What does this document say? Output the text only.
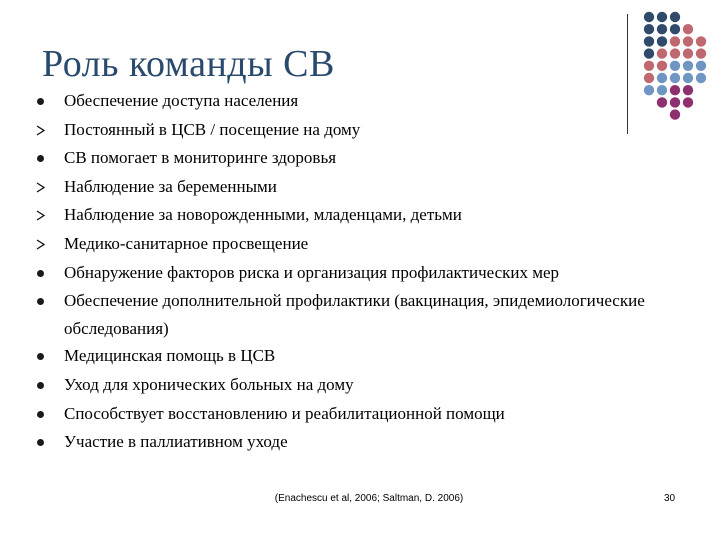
Роль команды СВ
Обеспечение доступа населения
Постоянный в ЦСВ / посещение на дому
СВ помогает в мониторинге здоровья
Наблюдение за беременными
Наблюдение за новорожденными, младенцами, детьми
Медико-санитарное просвещение
Обнаружение факторов риска и организация профилактических мер
Обеспечение дополнительной профилактики (вакцинация, эпидемиологические обследования)
Медицинская помощь в ЦСВ
Уход для хронических больных на дому
Способствует восстановлению и реабилитационной помощи
Участие в паллиативном уходе
(Enachescu et al, 2006; Saltman, D. 2006)	30
